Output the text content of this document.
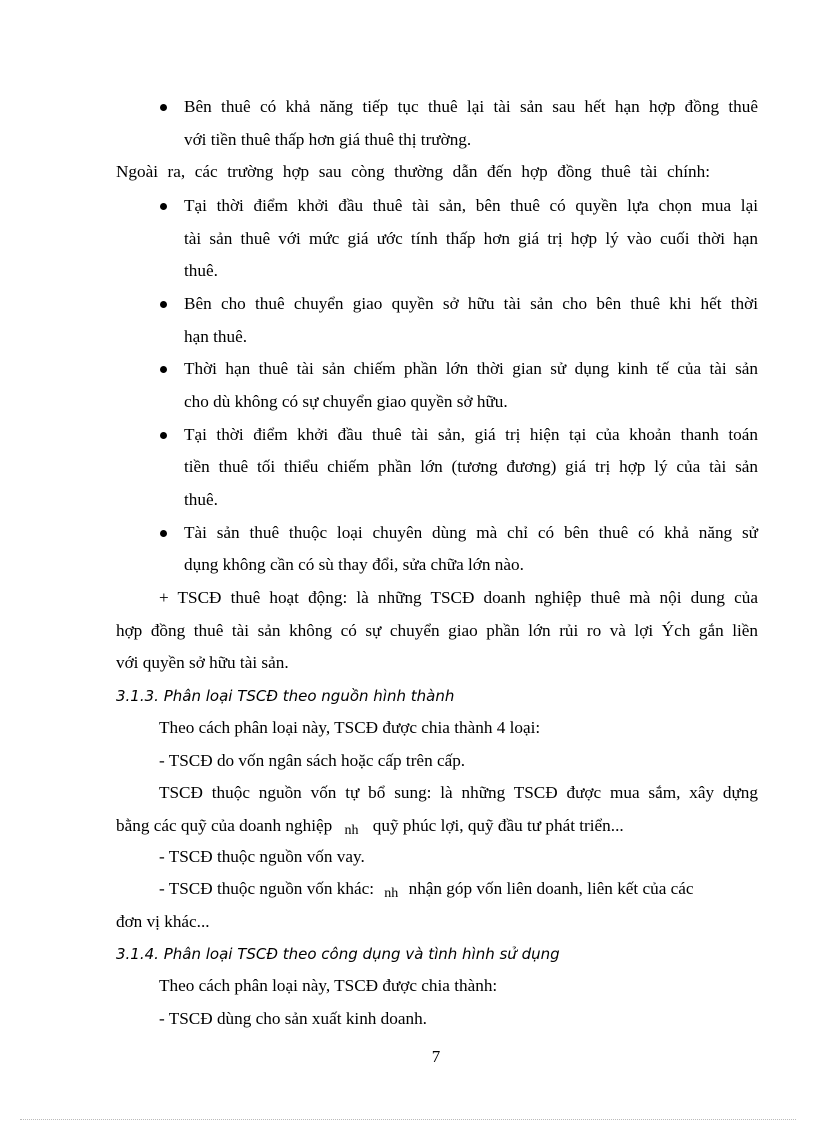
Bên thuê có khả năng tiếp tục thuê lại tài sản sau hết hạn hợp đồng thuê
với tiền thuê thấp hơn giá thuê thị trường.
Ngoài ra, các trường hợp sau còng thường dẫn đến hợp đồng thuê tài chính:
Tại thời điểm khởi đầu thuê tài sản, bên thuê có quyền lựa chọn mua lại
tài sản thuê với mức giá ước tính thấp hơn giá trị hợp lý vào cuối thời hạn
thuê.
Bên cho thuê chuyển giao quyền sở hữu tài sản cho bên thuê khi hết thời
hạn thuê.
Thời hạn thuê tài sản chiếm phần lớn thời gian sử dụng kinh tế của tài sản
cho dù không có sự chuyển giao quyền sở hữu.
Tại thời điểm khởi đầu thuê tài sản, giá trị hiện tại của khoản thanh toán
tiền thuê tối thiểu chiếm phần lớn (tương đương) giá trị hợp lý của tài sản
thuê.
Tài sản thuê thuộc loại chuyên dùng mà chỉ có bên thuê có khả năng sử
dụng không cần có sù thay đổi, sửa chữa lớn nào.
+ TSCĐ thuê hoạt động: là những TSCĐ doanh nghiệp thuê mà nội dung của
hợp đồng thuê tài sản không có sự chuyển giao phần lớn rủi ro và lợi Ých gắn liền
với quyền sở hữu tài sản.
3.1.3. Phân loại TSCĐ theo nguồn hình thành
Theo cách phân loại này, TSCĐ được chia thành 4 loại:
- TSCĐ do vốn ngân sách hoặc cấp trên cấp.
TSCĐ thuộc nguồn vốn tự bổ sung: là những TSCĐ được mua sắm, xây dựng
bằng các quỹ của doanh nghiệp nh quỹ phúc lợi, quỹ đầu tư phát triển...
- TSCĐ thuộc nguồn vốn vay.
- TSCĐ thuộc nguồn vốn khác: nh nhận góp vốn liên doanh, liên kết của các
đơn vị khác...
3.1.4. Phân loại TSCĐ theo công dụng và tình hình sử dụng
Theo cách phân loại này, TSCĐ được chia thành:
- TSCĐ dùng cho sản xuất kinh doanh.
7
